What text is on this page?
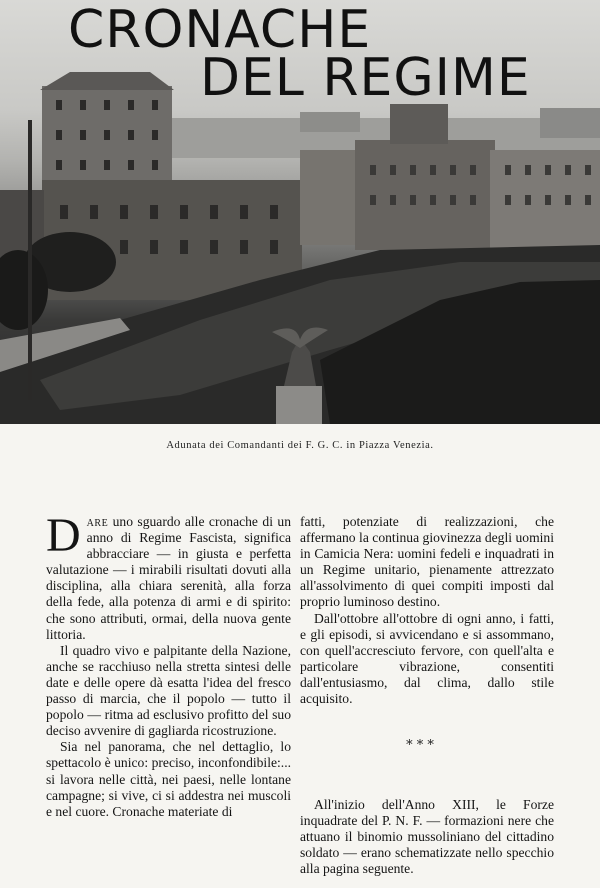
CRONACHE
DEL REGIME
Adunata dei Comandanti dei F. G. C. in Piazza Venezia.

Dare uno sguardo alle cronache di un anno di Regime Fascista, significa abbracciare — in giusta e perfetta valutazione — i mirabili risultati dovuti alla disciplina, alla chiara serenità, alla forza della fede, alla potenza di armi e di spirito: che sono attributi, ormai, della nuova gente littoria.

Il quadro vivo e palpitante della Nazione, anche se racchiuso nella stretta sintesi delle date e delle opere dà esatta l'idea del fresco passo di marcia, che il popolo — tutto il popolo — ritma ad esclusivo profitto del suo deciso avvenire di gagliarda ricostruzione.

Sia nel panorama, che nel dettaglio, lo spettacolo è unico: preciso, inconfondibile:... si lavora nelle città, nei paesi, nelle lontane campagne; si vive, ci si addestra nei muscoli e nel cuore. Cronache materiate di

fatti, potenziate di realizzazioni, che affermano la continua giovinezza degli uomini in Camicia Nera: uomini fedeli e inquadrati in un Regime unitario, pienamente attrezzato all'assolvimento di quei compiti imposti dal proprio luminoso destino.

Dall'ottobre all'ottobre di ogni anno, i fatti, e gli episodi, si avvicendano e si assommano, con quell'accresciuto fervore, con quell'alta e particolare vibrazione, consentiti dall'entusiasmo, dal clima, dallo stile acquisito.

* * *

All'inizio dell'Anno XIII, le Forze inquadrate del P. N. F. — formazioni nere che attuano il binomio mussoliniano del cittadino soldato — erano schematizzate nello specchio alla pagina seguente.
